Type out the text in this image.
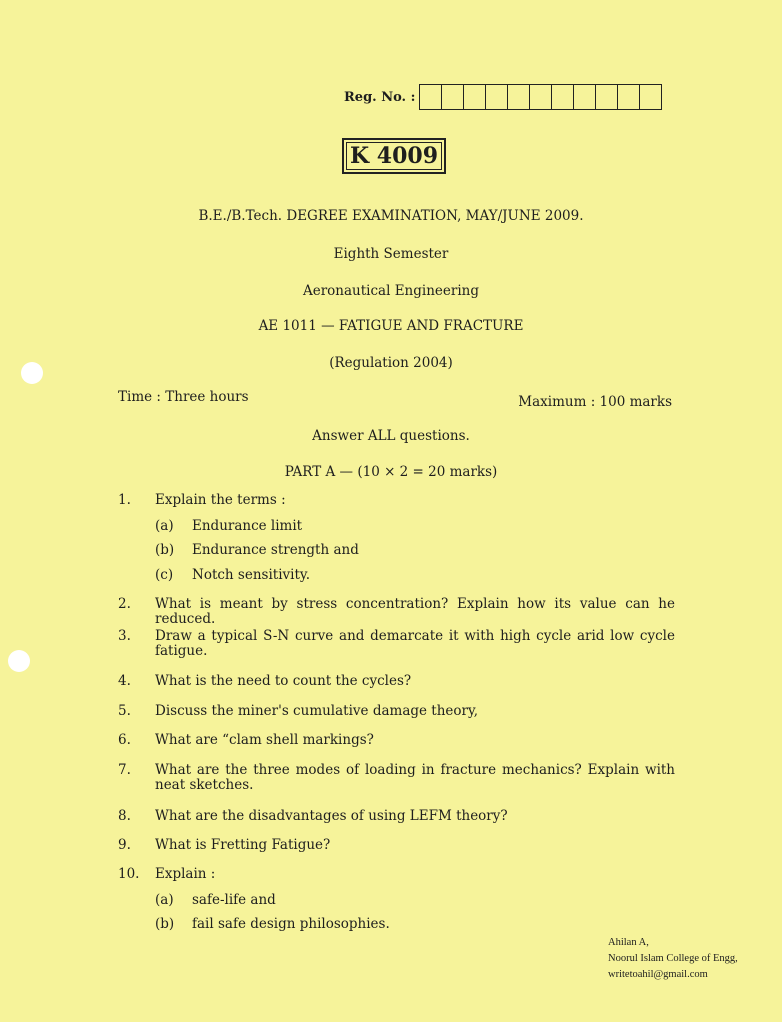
Reg. No. :
K 4009
B.E./B.Tech. DEGREE EXAMINATION, MAY/JUNE 2009.
Eighth Semester
Aeronautical Engineering
AE 1011 — FATIGUE AND FRACTURE
(Regulation 2004)
Time : Three hours	Maximum : 100 marks
Answer ALL questions.
PART A — (10 × 2 = 20 marks)
1. Explain the terms :
(a) Endurance limit
(b) Endurance strength and
(c) Notch sensitivity.
2. What is meant by stress concentration? Explain how its value can he reduced.
3. Draw a typical S-N curve and demarcate it with high cycle arid low cycle fatigue.
4. What is the need to count the cycles?
5. Discuss the miner's cumulative damage theory,
6. What are “clam shell markings?
7. What are the three modes of loading in fracture mechanics? Explain with neat sketches.
8. What are the disadvantages of using LEFM theory?
9. What is Fretting Fatigue?
10. Explain :
(a) safe-life and
(b) fail safe design philosophies.
Ahilan A,
Noorul Islam College of Engg,
writetoahil@gmail.com
